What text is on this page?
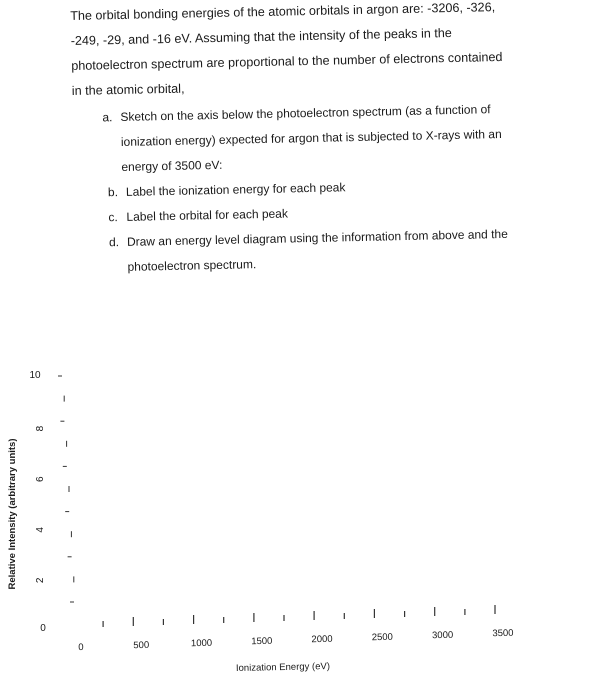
The orbital bonding energies of the atomic orbitals in argon are: -3206, -326,

-249, -29, and -16 eV. Assuming that the intensity of the peaks in the

photoelectron spectrum are proportional to the number of electrons contained

in the atomic orbital,

a. Sketch on the axis below the photoelectron spectrum (as a function of
ionization energy) expected for argon that is subjected to X-rays with an
energy of 3500 eV:
b. Label the ionization energy for each peak
c. Label the orbital for each peak
d. Draw an energy level diagram using the information from above and the
photoelectron spectrum.
Relative Intensity (arbitrary units)
Ionization Energy (eV)
0
2
4
6
8
10
0	500	1000	1500	2000	2500	3000	3500
